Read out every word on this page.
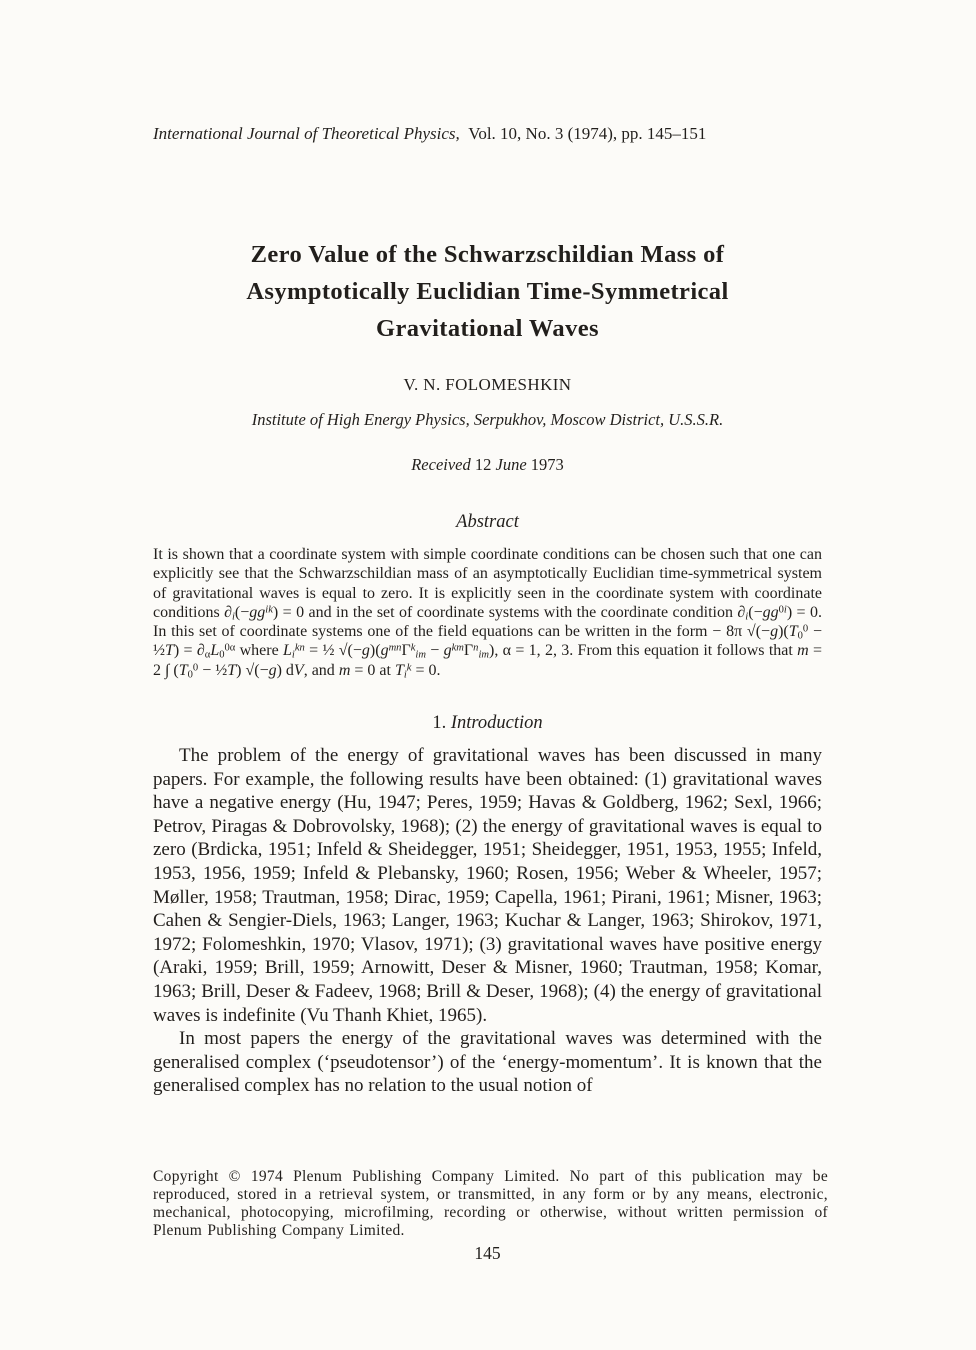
International Journal of Theoretical Physics, Vol. 10, No. 3 (1974), pp. 145–151
Zero Value of the Schwarzschildian Mass of
Asymptotically Euclidian Time-Symmetrical
Gravitational Waves
V. N. FOLOMESHKIN
Institute of High Energy Physics, Serpukhov, Moscow District, U.S.S.R.
Received 12 June 1973
Abstract

It is shown that a coordinate system with simple coordinate conditions can be chosen such that one can explicitly see that the Schwarzschildian mass of an asymptotically Euclidian time-symmetrical system of gravitational waves is equal to zero. It is explicitly seen in the coordinate system with coordinate conditions $\partial_i(-gg^{ik}) = 0$ and in the set of coordinate systems with the coordinate condition $\partial_i(-gg^{0i}) = 0$. In this set of coordinate systems one of the field equations can be written in the form − 8π $√(-g)(T_0^0$ − ½T) = $\partial_\alpha L_0^{0\alpha}$ where $L_i^{kn}$ = ½ $√(-g)(g^{mn}\Gamma^k_{im} - g^{km}\Gamma^n_{im})$, α = 1, 2, 3. From this equation it follows that m = 2 ∫ ($T_0^0$ − ½T) √(−g) dV, and m = 0 at $T_i^k = 0$.

1. Introduction

The problem of the energy of gravitational waves has been discussed in many papers. For example, the following results have been obtained: (1) gravitational waves have a negative energy (Hu, 1947; Peres, 1959; Havas & Goldberg, 1962; Sexl, 1966; Petrov, Piragas & Dobrovolsky, 1968); (2) the energy of gravitational waves is equal to zero (Brdicka, 1951; Infeld & Sheidegger, 1951; Sheidegger, 1951, 1953, 1955; Infeld, 1953, 1956, 1959; Infeld & Plebansky, 1960; Rosen, 1956; Weber & Wheeler, 1957; Møller, 1958; Trautman, 1958; Dirac, 1959; Capella, 1961; Pirani, 1961; Misner, 1963; Cahen & Sengier-Diels, 1963; Langer, 1963; Kuchar & Langer, 1963; Shirokov, 1971, 1972; Folomeshkin, 1970; Vlasov, 1971); (3) gravitational waves have positive energy (Araki, 1959; Brill, 1959; Arnowitt, Deser & Misner, 1960; Trautman, 1958; Komar, 1963; Brill, Deser & Fadeev, 1968; Brill & Deser, 1968); (4) the energy of gravitational waves is indefinite (Vu Thanh Khiet, 1965).

In most papers the energy of the gravitational waves was determined with the generalised complex (‘pseudotensor’) of the ‘energy-momentum’. It is known that the generalised complex has no relation to the usual notion of

Copyright © 1974 Plenum Publishing Company Limited. No part of this publication may be reproduced, stored in a retrieval system, or transmitted, in any form or by any means, electronic, mechanical, photocopying, microfilming, recording or otherwise, without written permission of Plenum Publishing Company Limited.
145
